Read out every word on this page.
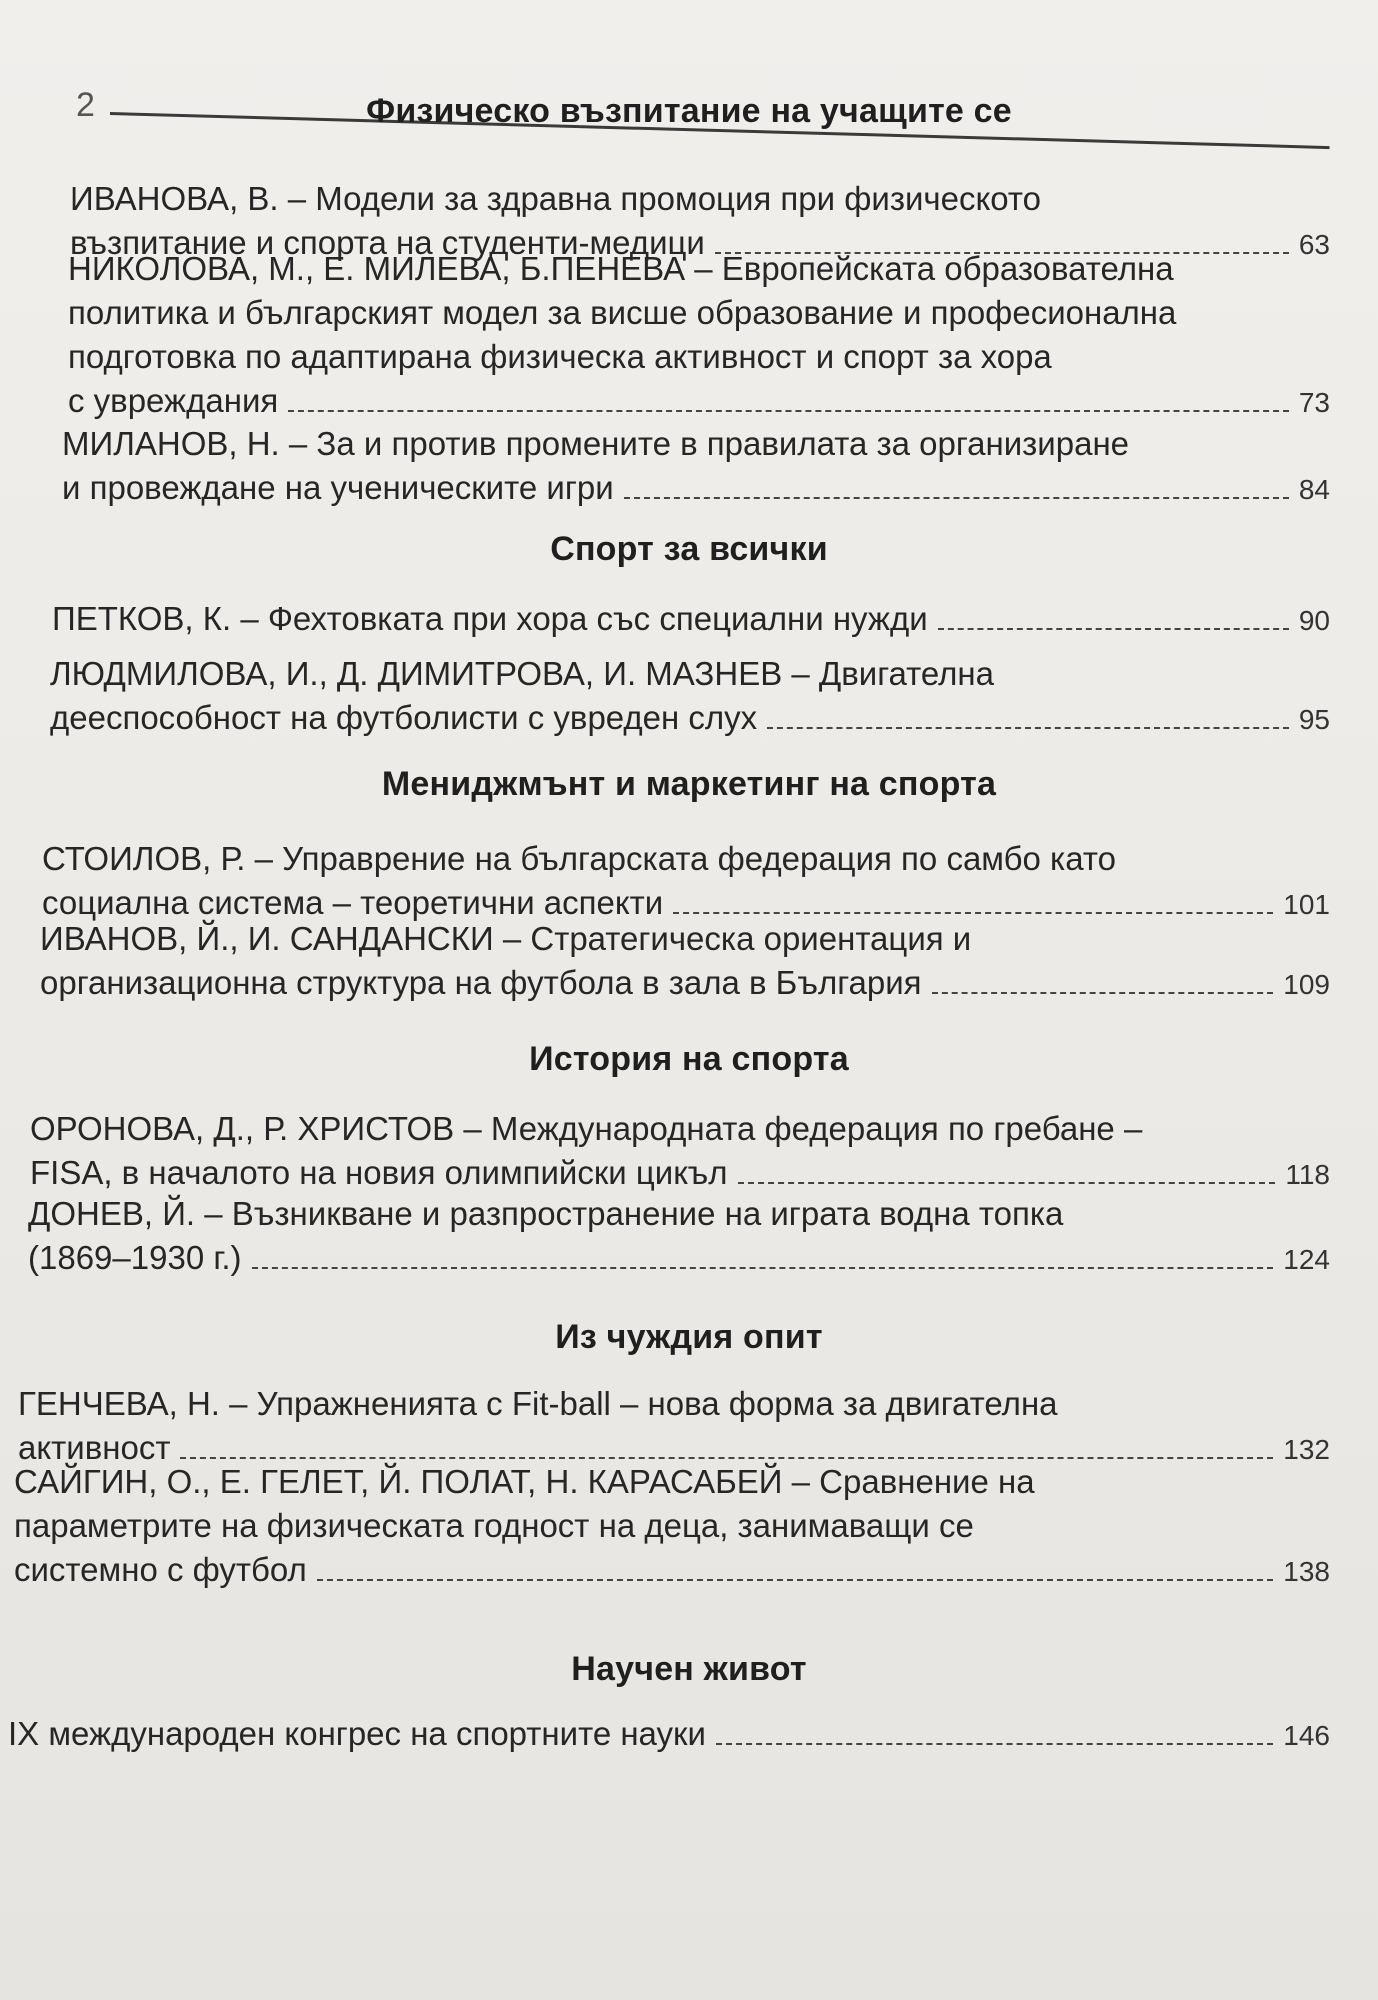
2	Физическо възпитание на учащите се
ИВАНОВА, В. – Модели за здравна промоция при физическото
възпитание и спорта на студенти-медици	63
НИКОЛОВА, М., Е. МИЛЕВА, Б.ПЕНЕВА – Европейската образователна
политика и българският модел за висше образование и професионална
подготовка по адаптирана физическа активност и спорт за хора
с увреждания	73
МИЛАНОВ, Н. – За и против промените в правилата за организиране
и провеждане на ученическите игри	84
Спорт за всички
ПЕТКОВ, К. – Фехтовката при хора със специални нужди	90
ЛЮДМИЛОВА, И., Д. ДИМИТРОВА, И. МАЗНЕВ – Двигателна
дееспособност на футболисти с увреден слух	95
Мениджмънт и маркетинг на спорта
СТОИЛОВ, Р. – Управрение на българската федерация по самбо като
социална система – теоретични аспекти	101
ИВАНОВ, Й., И. САНДАНСКИ – Стратегическа ориентация и
организационна структура на футбола в зала в България	109
История на спорта
ОРОНОВА, Д., Р. ХРИСТОВ – Международната федерация по гребане –
FISA, в началото на новия олимпийски цикъл	118
ДОНЕВ, Й. – Възникване и разпространение на играта водна топка
(1869–1930 г.)	124
Из чуждия опит
ГЕНЧЕВА, Н. – Упражненията с Fit-ball – нова форма за двигателна
активност	132
САЙГИН, О., Е. ГЕЛЕТ, Й. ПОЛАТ, Н. КАРАСАБЕЙ – Сравнение на
параметрите на физическата годност на деца, занимаващи се
системно с футбол	138
Научен живот
IX международен конгрес на спортните науки	146
